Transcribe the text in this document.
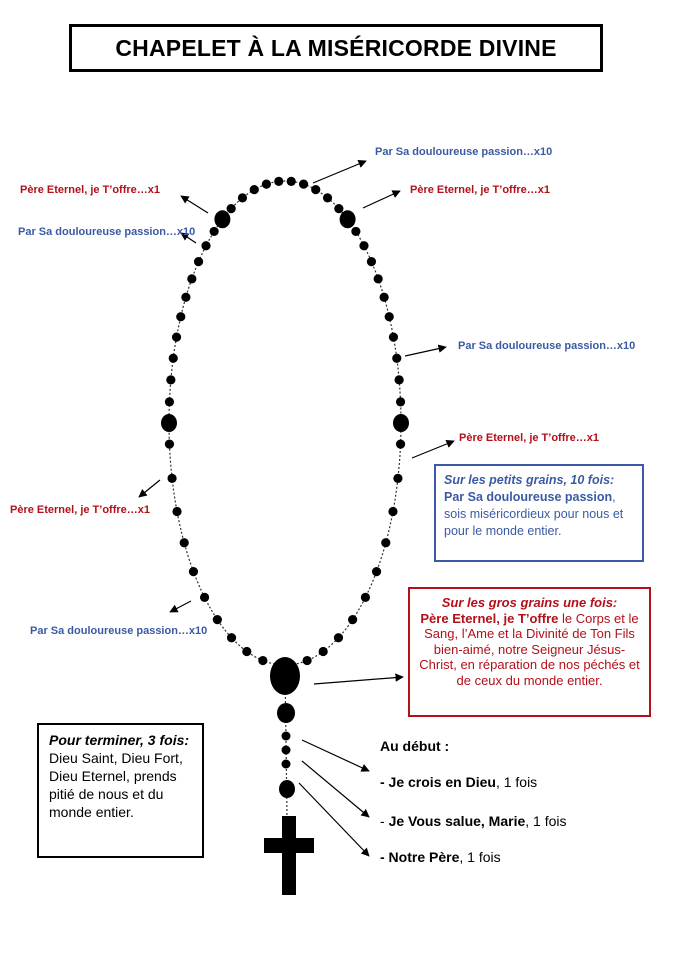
CHAPELET À LA MISÉRICORDE DIVINE
Par Sa douloureuse passion…x10
Père Eternel, je T’offre…x1	Père Eternel, je T’offre…x1
Par Sa douloureuse passion…x10
Par Sa douloureuse passion…x10
Père Eternel, je T’offre…x1
Père Eternel, je T’offre…x1
Par Sa douloureuse passion…x10
Sur les petits grains, 10 fois:
Par Sa douloureuse passion, sois miséricordieux pour nous et pour le monde entier.
Sur les gros grains une fois:
Père Eternel, je T’offre le Corps et le Sang, l’Ame et la Divinité de Ton Fils bien-aimé, notre Seigneur Jésus-Christ, en réparation de nos péchés et de ceux du monde entier.
Pour terminer, 3 fois:
Dieu Saint, Dieu Fort, Dieu Eternel, prends pitié de nous et du monde entier.
Au début :
- Je crois en Dieu, 1 fois
- Je Vous salue, Marie, 1 fois
- Notre Père, 1 fois
